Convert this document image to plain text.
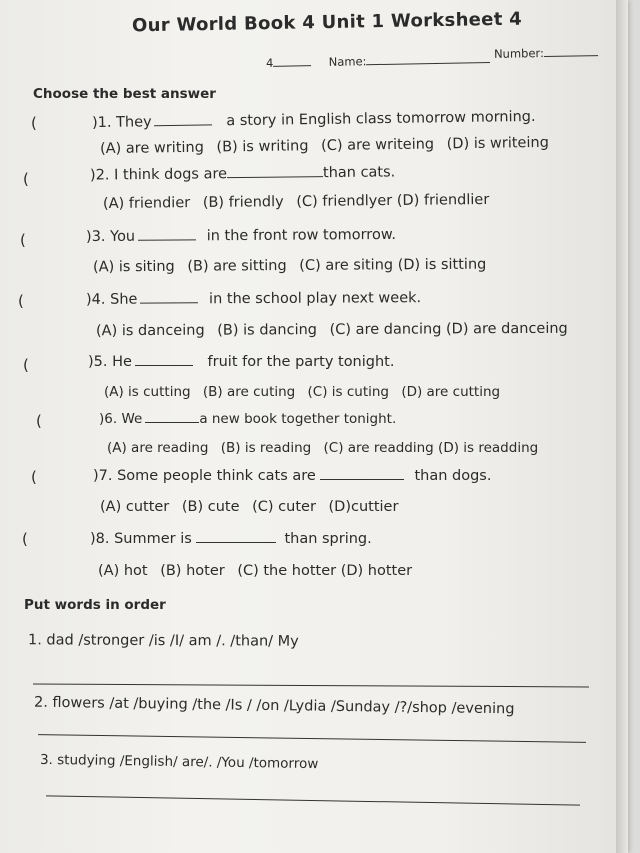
Our World Book 4 Unit 1 Worksheet 4
4	Name:
Number:
Choose the best answer
(	)1. They	a story in English class tomorrow morning.
(A) are writing (B) is writing (C) are writeing (D) is writeing
(	)2. I think dogs are	than cats.
(A) friendier (B) friendly (C) friendlyer (D) friendlier
(	)3. You	in the front row tomorrow.
(A) is siting (B) are sitting (C) are siting (D) is sitting
(	)4. She	in the school play next week.
(A) is danceing (B) is dancing (C) are dancing (D) are danceing
(	)5. He	fruit for the party tonight.
(A) is cutting (B) are cuting (C) is cuting (D) are cutting
(	)6. We	a new book together tonight.
(A) are reading (B) is reading (C) are readding (D) is readding
(	)7. Some people think cats are	than dogs.
(A) cutter (B) cute (C) cuter (D)cuttier
(	)8. Summer is	than spring.
(A) hot (B) hoter (C) the hotter (D) hotter
Put words in order
1. dad /stronger /is /I/ am /. /than/ My
2. flowers /at /buying /the /Is / /on /Lydia /Sunday /?/shop /evening
3. studying /English/ are/. /You /tomorrow
